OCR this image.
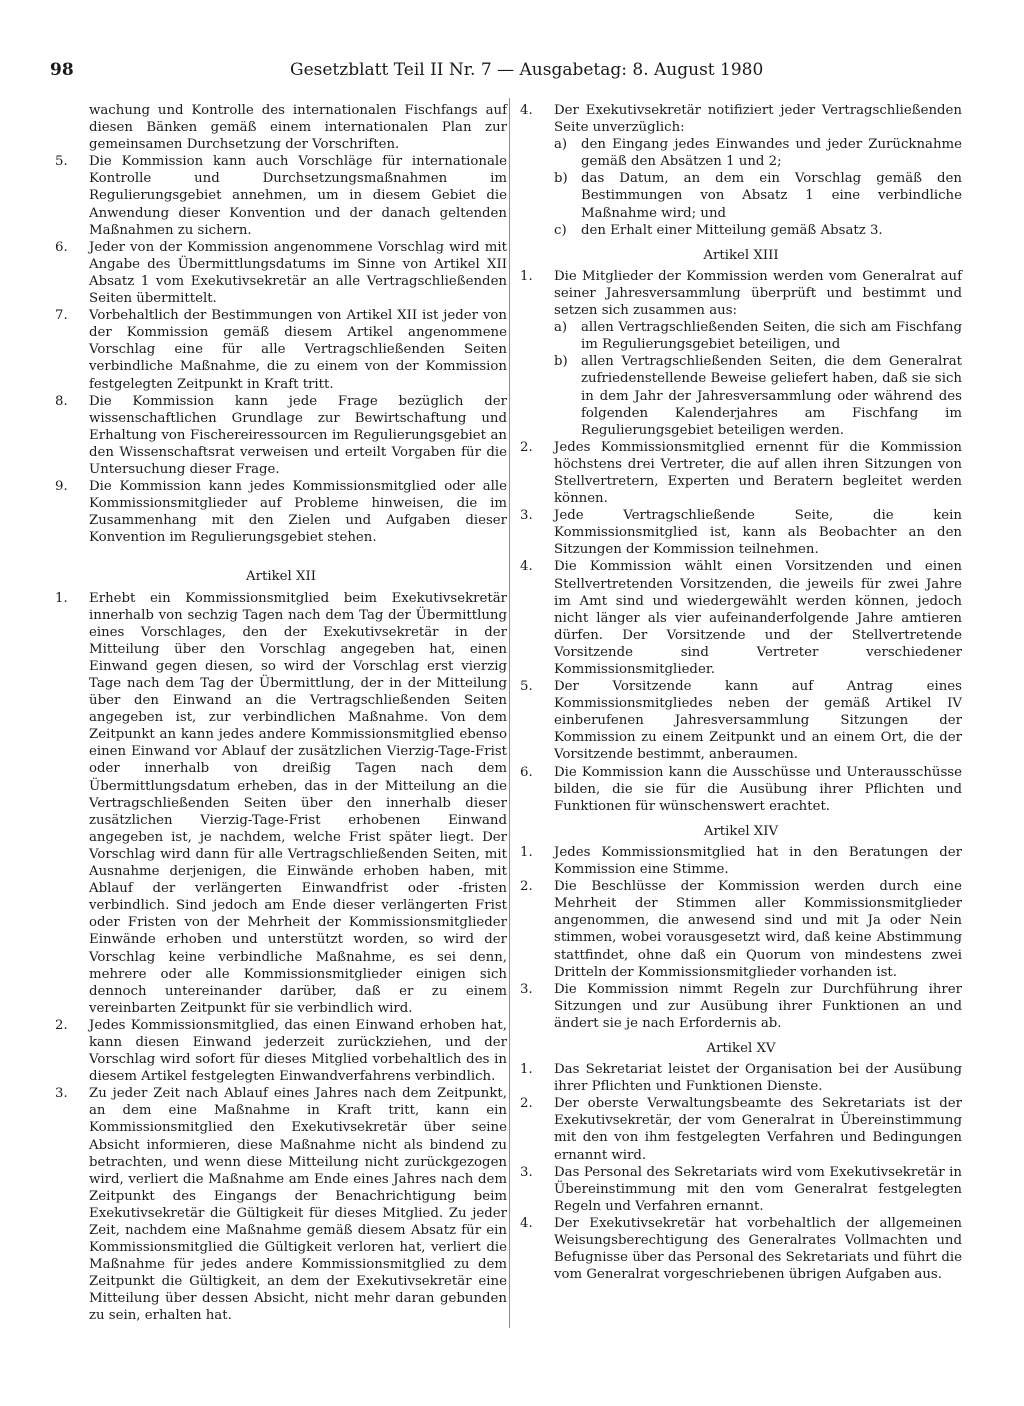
98	Gesetzblatt Teil II Nr. 7 — Ausgabetag: 8. August 1980
wachung und Kontrolle des internationalen Fischfangs auf diesen Bänken gemäß einem internationalen Plan zur gemeinsamen Durchsetzung der Vorschriften.
5. Die Kommission kann auch Vorschläge für internationale Kontrolle und Durchsetzungsmaßnahmen im Regulierungsgebiet annehmen, um in diesem Gebiet die Anwendung dieser Konvention und der danach geltenden Maßnahmen zu sichern.
6. Jeder von der Kommission angenommene Vorschlag wird mit Angabe des Übermittlungsdatums im Sinne von Artikel XII Absatz 1 vom Exekutivsekretär an alle Vertragschließenden Seiten übermittelt.
7. Vorbehaltlich der Bestimmungen von Artikel XII ist jeder von der Kommission gemäß diesem Artikel angenommene Vorschlag eine für alle Vertragschließenden Seiten verbindliche Maßnahme, die zu einem von der Kommission festgelegten Zeitpunkt in Kraft tritt.
8. Die Kommission kann jede Frage bezüglich der wissenschaftlichen Grundlage zur Bewirtschaftung und Erhaltung von Fischereiressourcen im Regulierungsgebiet an den Wissenschaftsrat verweisen und erteilt Vorgaben für die Untersuchung dieser Frage.
9. Die Kommission kann jedes Kommissionsmitglied oder alle Kommissionsmitglieder auf Probleme hinweisen, die im Zusammenhang mit den Zielen und Aufgaben dieser Konvention im Regulierungsgebiet stehen.
Artikel XII
1. Erhebt ein Kommissionsmitglied beim Exekutivsekretär innerhalb von sechzig Tagen nach dem Tag der Übermittlung eines Vorschlages, den der Exekutivsekretär in der Mitteilung über den Vorschlag angegeben hat, einen Einwand gegen diesen, so wird der Vorschlag erst vierzig Tage nach dem Tag der Übermittlung, der in der Mitteilung über den Einwand an die Vertragschließenden Seiten angegeben ist, zur verbindlichen Maßnahme. Von dem Zeitpunkt an kann jedes andere Kommissionsmitglied ebenso einen Einwand vor Ablauf der zusätzlichen Vierzig-Tage-Frist oder innerhalb von dreißig Tagen nach dem Übermittlungsdatum erheben, das in der Mitteilung an die Vertragschließenden Seiten über den innerhalb dieser zusätzlichen Vierzig-Tage-Frist erhobenen Einwand angegeben ist, je nachdem, welche Frist später liegt. Der Vorschlag wird dann für alle Vertragschließenden Seiten, mit Ausnahme derjenigen, die Einwände erhoben haben, mit Ablauf der verlängerten Einwandfrist oder -fristen verbindlich. Sind jedoch am Ende dieser verlängerten Frist oder Fristen von der Mehrheit der Kommissionsmitglieder Einwände erhoben und unterstützt worden, so wird der Vorschlag keine verbindliche Maßnahme, es sei denn, mehrere oder alle Kommissionsmitglieder einigen sich dennoch untereinander darüber, daß er zu einem vereinbarten Zeitpunkt für sie verbindlich wird.
2. Jedes Kommissionsmitglied, das einen Einwand erhoben hat, kann diesen Einwand jederzeit zurückziehen, und der Vorschlag wird sofort für dieses Mitglied vorbehaltlich des in diesem Artikel festgelegten Einwandverfahrens verbindlich.
3. Zu jeder Zeit nach Ablauf eines Jahres nach dem Zeitpunkt, an dem eine Maßnahme in Kraft tritt, kann ein Kommissionsmitglied den Exekutivsekretär über seine Absicht informieren, diese Maßnahme nicht als bindend zu betrachten, und wenn diese Mitteilung nicht zurückgezogen wird, verliert die Maßnahme am Ende eines Jahres nach dem Zeitpunkt des Eingangs der Benachrichtigung beim Exekutivsekretär die Gültigkeit für dieses Mitglied. Zu jeder Zeit, nachdem eine Maßnahme gemäß diesem Absatz für ein Kommissionsmitglied die Gültigkeit verloren hat, verliert die Maßnahme für jedes andere Kommissionsmitglied zu dem Zeitpunkt die Gültigkeit, an dem der Exekutivsekretär eine Mitteilung über dessen Absicht, nicht mehr daran gebunden zu sein, erhalten hat.
4. Der Exekutivsekretär notifiziert jeder Vertragschließenden Seite unverzüglich:
a) den Eingang jedes Einwandes und jeder Zurücknahme gemäß den Absätzen 1 und 2;
b) das Datum, an dem ein Vorschlag gemäß den Bestimmungen von Absatz 1 eine verbindliche Maßnahme wird; und
c) den Erhalt einer Mitteilung gemäß Absatz 3.
Artikel XIII
1. Die Mitglieder der Kommission werden vom Generalrat auf seiner Jahresversammlung überprüft und bestimmt und setzen sich zusammen aus:
a) allen Vertragschließenden Seiten, die sich am Fischfang im Regulierungsgebiet beteiligen, und
b) allen Vertragschließenden Seiten, die dem Generalrat zufriedenstellende Beweise geliefert haben, daß sie sich in dem Jahr der Jahresversammlung oder während des folgenden Kalenderjahres am Fischfang im Regulierungsgebiet beteiligen werden.
2. Jedes Kommissionsmitglied ernennt für die Kommission höchstens drei Vertreter, die auf allen ihren Sitzungen von Stellvertretern, Experten und Beratern begleitet werden können.
3. Jede Vertragschließende Seite, die kein Kommissionsmitglied ist, kann als Beobachter an den Sitzungen der Kommission teilnehmen.
4. Die Kommission wählt einen Vorsitzenden und einen Stellvertretenden Vorsitzenden, die jeweils für zwei Jahre im Amt sind und wiedergewählt werden können, jedoch nicht länger als vier aufeinanderfolgende Jahre amtieren dürfen. Der Vorsitzende und der Stellvertretende Vorsitzende sind Vertreter verschiedener Kommissionsmitglieder.
5. Der Vorsitzende kann auf Antrag eines Kommissionsmitgliedes neben der gemäß Artikel IV einberufenen Jahresversammlung Sitzungen der Kommission zu einem Zeitpunkt und an einem Ort, die der Vorsitzende bestimmt, anberaumen.
6. Die Kommission kann die Ausschüsse und Unterausschüsse bilden, die sie für die Ausübung ihrer Pflichten und Funktionen für wünschenswert erachtet.
Artikel XIV
1. Jedes Kommissionsmitglied hat in den Beratungen der Kommission eine Stimme.
2. Die Beschlüsse der Kommission werden durch eine Mehrheit der Stimmen aller Kommissionsmitglieder angenommen, die anwesend sind und mit Ja oder Nein stimmen, wobei vorausgesetzt wird, daß keine Abstimmung stattfindet, ohne daß ein Quorum von mindestens zwei Dritteln der Kommissionsmitglieder vorhanden ist.
3. Die Kommission nimmt Regeln zur Durchführung ihrer Sitzungen und zur Ausübung ihrer Funktionen an und ändert sie je nach Erfordernis ab.
Artikel XV
1. Das Sekretariat leistet der Organisation bei der Ausübung ihrer Pflichten und Funktionen Dienste.
2. Der oberste Verwaltungsbeamte des Sekretariats ist der Exekutivsekretär, der vom Generalrat in Übereinstimmung mit den von ihm festgelegten Verfahren und Bedingungen ernannt wird.
3. Das Personal des Sekretariats wird vom Exekutivsekretär in Übereinstimmung mit den vom Generalrat festgelegten Regeln und Verfahren ernannt.
4. Der Exekutivsekretär hat vorbehaltlich der allgemeinen Weisungsberechtigung des Generalrates Vollmachten und Befugnisse über das Personal des Sekretariats und führt die vom Generalrat vorgeschriebenen übrigen Aufgaben aus.
